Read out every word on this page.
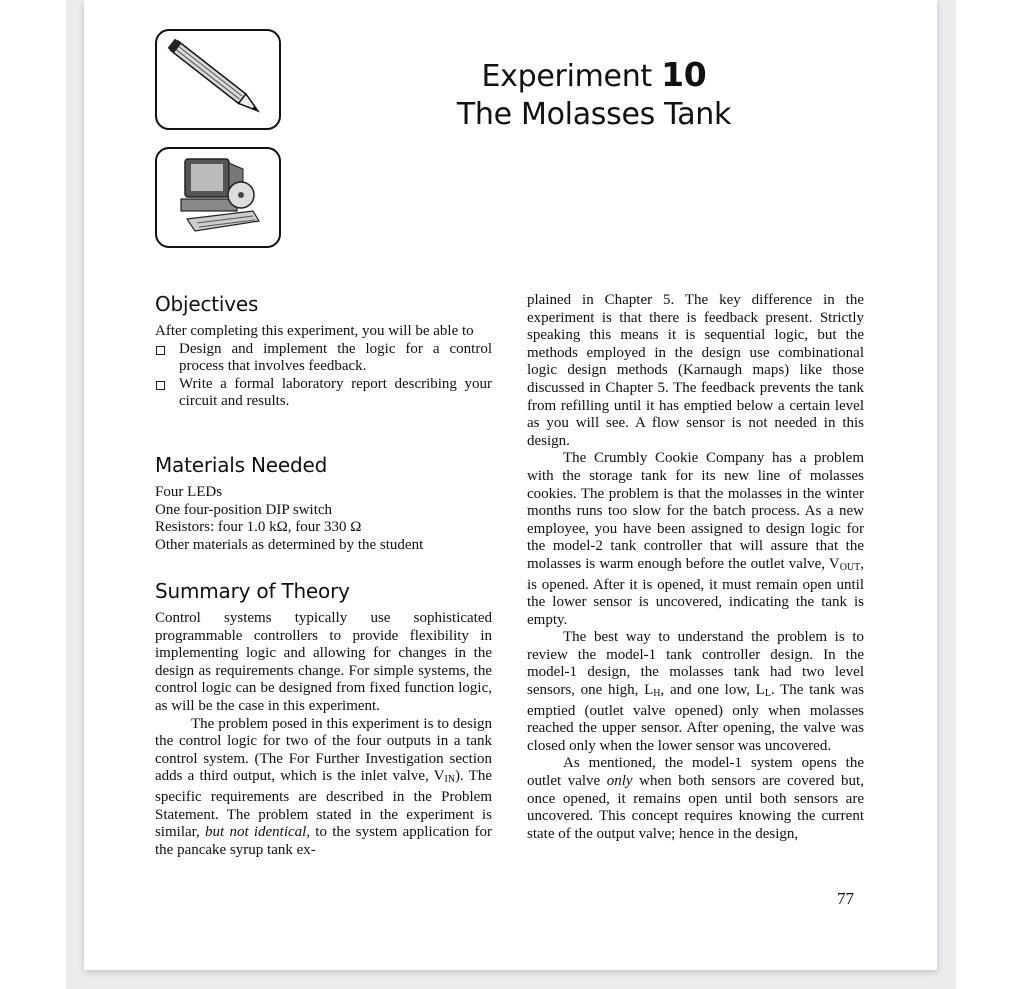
Experiment 10
The Molasses Tank
Objectives

After completing this experiment, you will be able to

Design and implement the logic for a control process that involves feedback.
Write a formal laboratory report describing your circuit and results.
Materials Needed
Four LEDs
One four-position DIP switch
Resistors: four 1.0 kΩ, four 330 Ω
Other materials as determined by the student
Summary of Theory

Control systems typically use sophisticated programmable controllers to provide flexibility in implementing logic and allowing for changes in the design as requirements change. For simple systems, the control logic can be designed from fixed function logic, as will be the case in this experiment.

The problem posed in this experiment is to design the control logic for two of the four outputs in a tank control system. (The For Further Investigation section adds a third output, which is the inlet valve, $V_{IN}$). The specific requirements are described in the Problem Statement. The problem stated in the experiment is similar, but not identical, to the system application for the pancake syrup tank ex-

plained in Chapter 5. The key difference in the experiment is that there is feedback present. Strictly speaking this means it is sequential logic, but the methods employed in the design use combinational logic design methods (Karnaugh maps) like those discussed in Chapter 5. The feedback prevents the tank from refilling until it has emptied below a certain level as you will see. A flow sensor is not needed in this design.

The Crumbly Cookie Company has a problem with the storage tank for its new line of molasses cookies. The problem is that the molasses in the winter months runs too slow for the batch process. As a new employee, you have been assigned to design logic for the model-2 tank controller that will assure that the molasses is warm enough before the outlet valve, $V_{OUT}$, is opened. After it is opened, it must remain open until the lower sensor is uncovered, indicating the tank is empty.

The best way to understand the problem is to review the model-1 tank controller design. In the model-1 design, the molasses tank had two level sensors, one high, $L_H$, and one low, $L_L$. The tank was emptied (outlet valve opened) only when molasses reached the upper sensor. After opening, the valve was closed only when the lower sensor was uncovered.

As mentioned, the model-1 system opens the outlet valve only when both sensors are covered but, once opened, it remains open until both sensors are uncovered. This concept requires knowing the current state of the output valve; hence in the design,

77
